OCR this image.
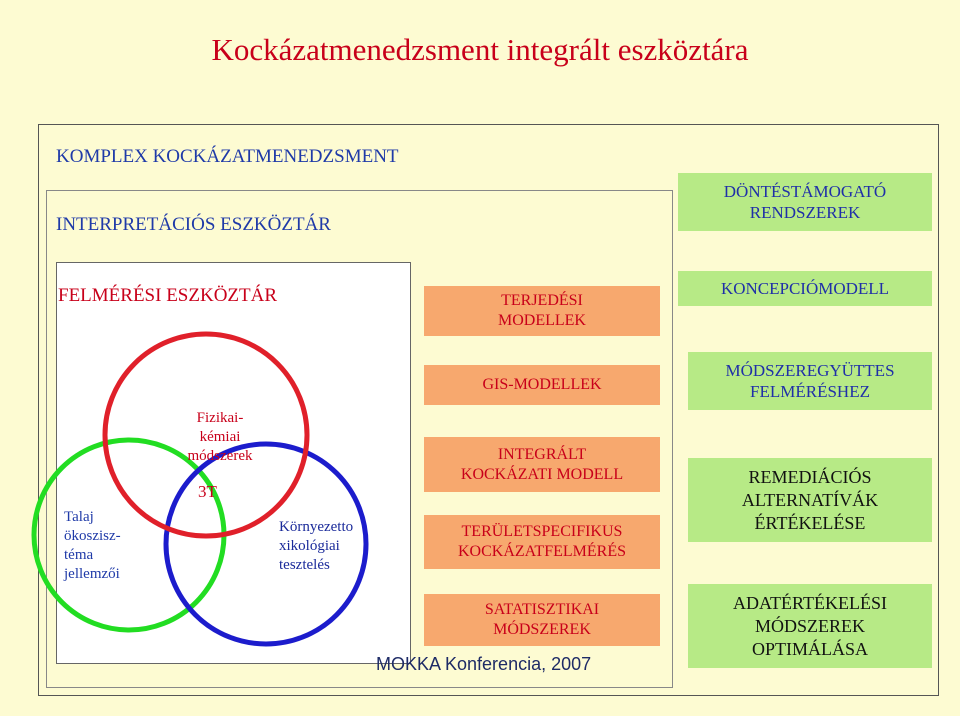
Kockázatmenedzsment integrált eszköztára
KOMPLEX KOCKÁZATMENEDZSMENT
INTERPRETÁCIÓS ESZKÖZTÁR
FELMÉRÉSI ESZKÖZTÁR
Fizikai-
kémiai
módszerek
3T
Talaj
ökoszisz-
téma
jellemzői
Környezetto
xikológiai
tesztelés
TERJEDÉSI
MODELLEK
GIS-MODELLEK
INTEGRÁLT
KOCKÁZATI MODELL
TERÜLETSPECIFIKUS
KOCKÁZATFELMÉRÉS
SATATISZTIKAI
MÓDSZEREK
DÖNTÉSTÁMOGATÓ
RENDSZEREK
KONCEPCIÓMODELL
MÓDSZEREGYÜTTES
FELMÉRÉSHEZ
REMEDIÁCIÓS
ALTERNATÍVÁK
ÉRTÉKELÉSE
ADATÉRTÉKELÉSI
MÓDSZEREK
OPTIMÁLÁSA
MOKKA Konferencia, 2007
